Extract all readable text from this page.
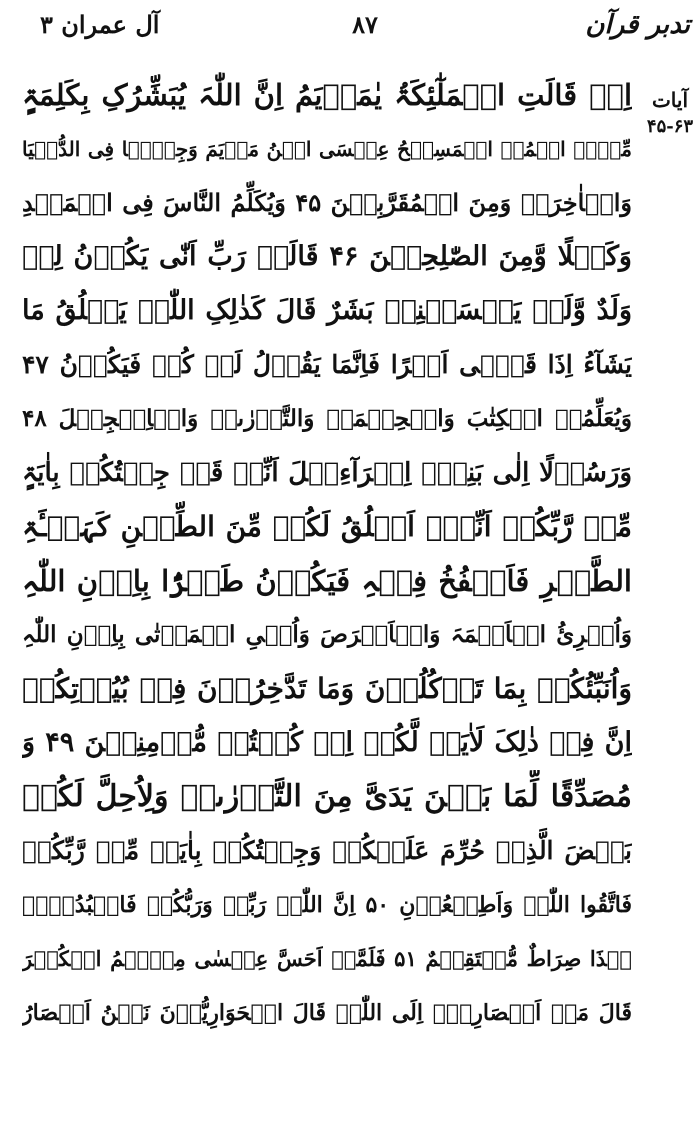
تدبر قرآن
۸۷
آل عمران ۳
آیات
۴۵-۶۳
اِذۡ قَالَتِ الۡمَلٰٓئِکَۃُ یٰمَرۡیَمُ اِنَّ اللّٰہَ یُبَشِّرُکِ بِکَلِمَۃٍ
مِّنۡہُ اسۡمُہُ الۡمَسِیۡحُ عِیۡسَی ابۡنُ مَرۡیَمَ وَجِیۡہًا فِی الدُّنۡیَا
وَالۡاٰخِرَۃِ وَمِنَ الۡمُقَرَّبِیۡنَ ۴۵ وَیُکَلِّمُ النَّاسَ فِی الۡمَہۡدِ
وَکَہۡلًا وَّمِنَ الصّٰلِحِیۡنَ ۴۶ قَالَتۡ رَبِّ اَنّٰی یَکُوۡنُ لِیۡ
وَلَدٌ وَّلَمۡ یَمۡسَسۡنِیۡ بَشَرٌ قَالَ کَذٰلِکِ اللّٰہُ یَخۡلُقُ مَا
یَشَآءُ اِذَا قَضٰۤی اَمۡرًا فَاِنَّمَا یَقُوۡلُ لَہٗ کُنۡ فَیَکُوۡنُ ۴۷
وَیُعَلِّمُہُ الۡکِتٰبَ وَالۡحِکۡمَۃَ وَالتَّوۡرٰىۃَ وَالۡاِنۡجِیۡلَ ۴۸
وَرَسُوۡلًا اِلٰی بَنِیۡۤ اِسۡرَآءِیۡلَ اَنِّیۡ قَدۡ جِئۡتُکُمۡ بِاٰیَۃٍ
مِّنۡ رَّبِّکُمۡ اَنِّیۡۤ اَخۡلُقُ لَکُمۡ مِّنَ الطِّیۡنِ کَہَیۡـَٔۃِ
الطَّیۡرِ فَاَنۡفُخُ فِیۡہِ فَیَکُوۡنُ طَیۡرًۢا بِاِذۡنِ اللّٰہِ
وَاُبۡرِیُٔ الۡاَکۡمَہَ وَالۡاَبۡرَصَ وَاُحۡیِ الۡمَوۡتٰی بِاِذۡنِ اللّٰہِ
وَاُنَبِّئُکُمۡ بِمَا تَاۡکُلُوۡنَ وَمَا تَدَّخِرُوۡنَ فِیۡ بُیُوۡتِکُمۡ
اِنَّ فِیۡ ذٰلِکَ لَاٰیَۃً لَّکُمۡ اِنۡ کُنۡتُمۡ مُّؤۡمِنِیۡنَ ۴۹ وَ
مُصَدِّقًا لِّمَا بَیۡنَ یَدَیَّ مِنَ التَّوۡرٰىۃِ وَلِاُحِلَّ لَکُمۡ
بَعۡضَ الَّذِیۡ حُرِّمَ عَلَیۡکُمۡ وَجِئۡتُکُمۡ بِاٰیَۃٍ مِّنۡ رَّبِّکُمۡ
فَاتَّقُوا اللّٰہَ وَاَطِیۡعُوۡنِ ۵۰ اِنَّ اللّٰہَ رَبِّیۡ وَرَبُّکُمۡ فَاعۡبُدُوۡہُ
ہٰذَا صِرَاطٌ مُّسۡتَقِیۡمٌ ۵۱ فَلَمَّاۤ اَحَسَّ عِیۡسٰی مِنۡہُمُ الۡکُفۡرَ
قَالَ مَنۡ اَنۡصَارِیۡۤ اِلَی اللّٰہِ قَالَ الۡحَوَارِیُّوۡنَ نَحۡنُ اَنۡصَارُ
